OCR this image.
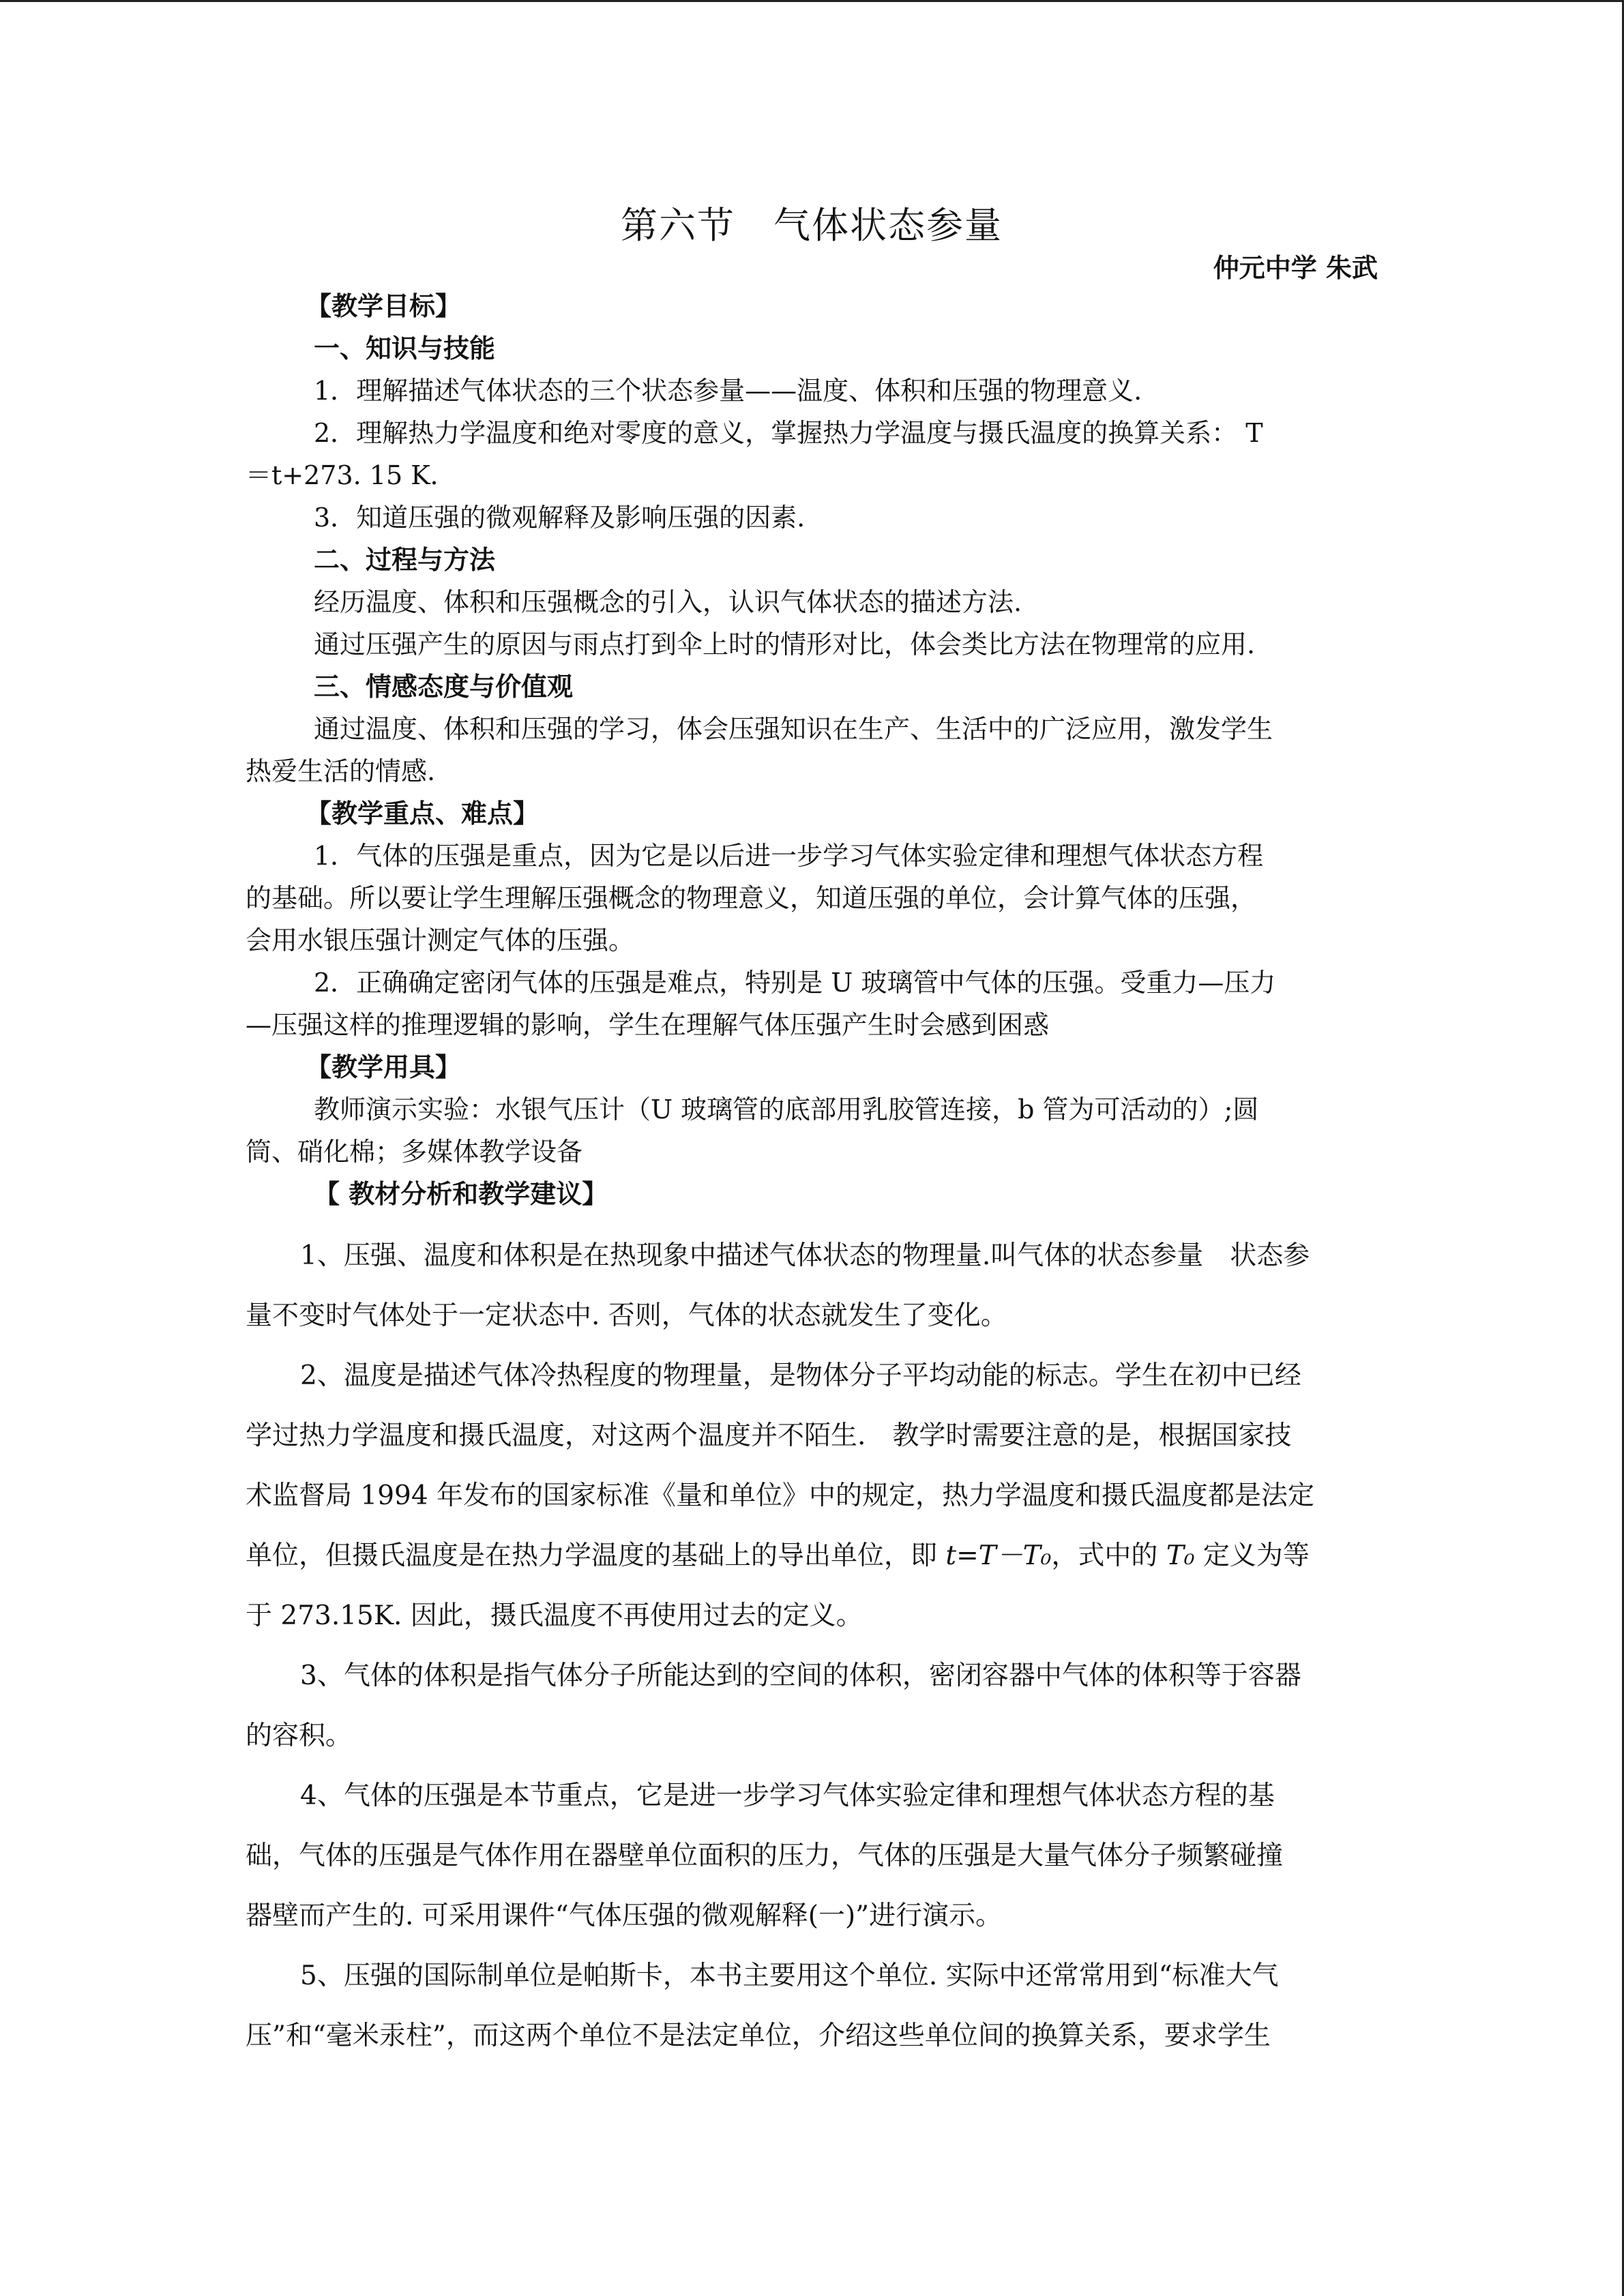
第六节　气体状态参量
仲元中学 朱武
【教学目标】
一、知识与技能
1．理解描述气体状态的三个状态参量——温度、体积和压强的物理意义.
2．理解热力学温度和绝对零度的意义，掌握热力学温度与摄氏温度的换算关系： T
＝t+273. 15 K．
3．知道压强的微观解释及影响压强的因素.
二、过程与方法
经历温度、体积和压强概念的引入，认识气体状态的描述方法.
通过压强产生的原因与雨点打到伞上时的情形对比，体会类比方法在物理常的应用.
三、情感态度与价值观
通过温度、体积和压强的学习，体会压强知识在生产、生活中的广泛应用，激发学生
热爱生活的情感.
【教学重点、难点】
1．气体的压强是重点，因为它是以后进一步学习气体实验定律和理想气体状态方程
的基础。所以要让学生理解压强概念的物理意义，知道压强的单位，会计算气体的压强，
会用水银压强计测定气体的压强。
2．正确确定密闭气体的压强是难点，特别是 U 玻璃管中气体的压强。受重力—压力
—压强这样的推理逻辑的影响，学生在理解气体压强产生时会感到困惑
【教学用具】
教师演示实验：水银气压计（U 玻璃管的底部用乳胶管连接，b 管为可活动的）;圆
筒、硝化棉；多媒体教学设备
【 教材分析和教学建议】
1、压强、温度和体积是在热现象中描述气体状态的物理量.叫气体的状态参量　状态参
量不变时气体处于一定状态中. 否则，气体的状态就发生了变化。
2、温度是描述气体冷热程度的物理量，是物体分子平均动能的标志。学生在初中已经
学过热力学温度和摄氏温度，对这两个温度并不陌生.　教学时需要注意的是，根据国家技
术监督局 1994 年发布的国家标准《量和单位》中的规定，热力学温度和摄氏温度都是法定
单位，但摄氏温度是在热力学温度的基础上的导出单位，即 t=T－T₀，式中的 T₀ 定义为等
于 273.15K. 因此，摄氏温度不再使用过去的定义。
3、气体的体积是指气体分子所能达到的空间的体积，密闭容器中气体的体积等于容器
的容积。
4、气体的压强是本节重点，它是进一步学习气体实验定律和理想气体状态方程的基
础，气体的压强是气体作用在器壁单位面积的压力，气体的压强是大量气体分子频繁碰撞
器壁而产生的. 可采用课件“气体压强的微观解释(一)”进行演示。
5、压强的国际制单位是帕斯卡，本书主要用这个单位. 实际中还常常用到“标准大气
压”和“毫米汞柱”，而这两个单位不是法定单位，介绍这些单位间的换算关系，要求学生
